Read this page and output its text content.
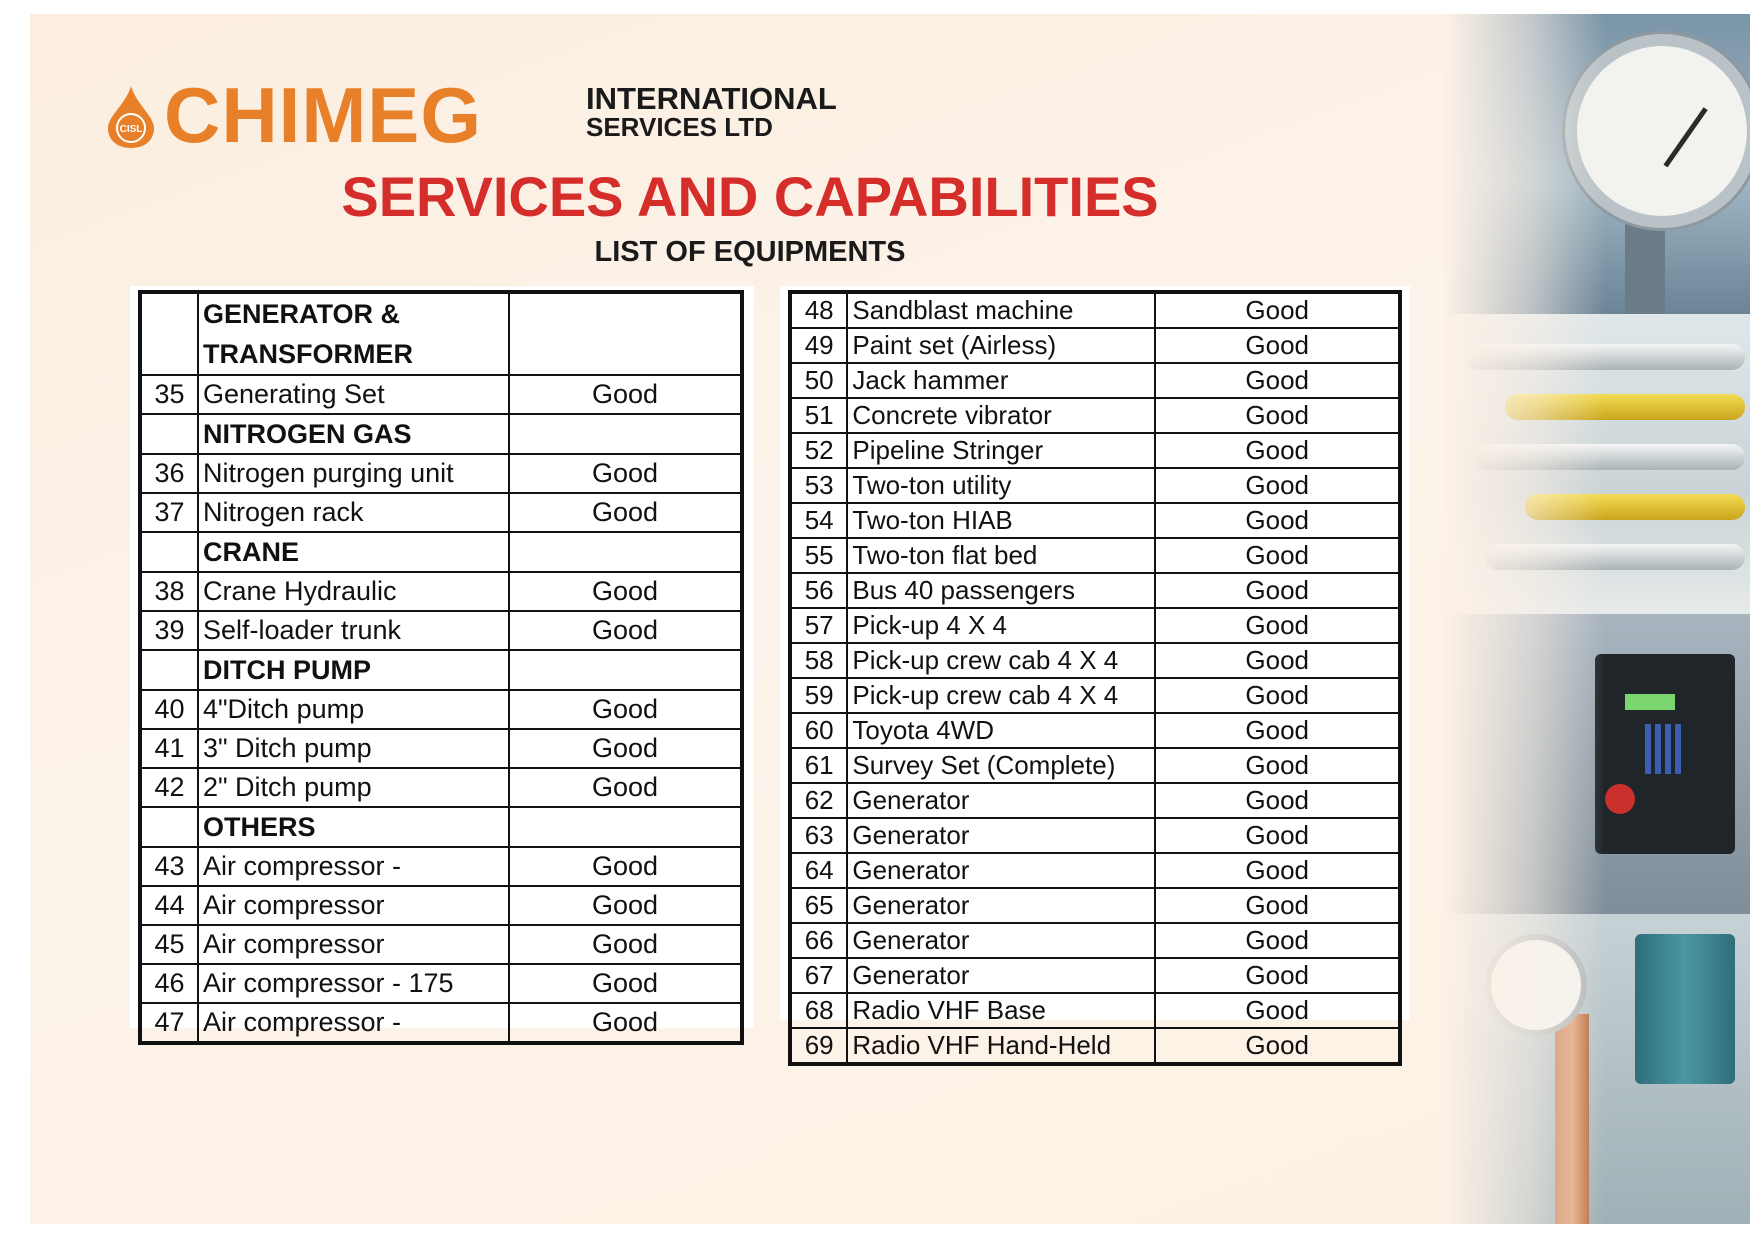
CISL CHIMEG	INTERNATIONAL
SERVICES LTD
SERVICES AND CAPABILITIES
LIST OF EQUIPMENTS
	GENERATOR & TRANSFORMER	
35	Generating Set	Good
	NITROGEN GAS	
36	Nitrogen purging unit	Good
37	Nitrogen rack	Good
	CRANE	
38	Crane Hydraulic	Good
39	Self-loader trunk	Good
	DITCH PUMP	
40	4"Ditch pump	Good
41	3" Ditch pump	Good
42	2" Ditch pump	Good
	OTHERS	
43	Air compressor -	Good
44	Air compressor	Good
45	Air compressor	Good
46	Air compressor - 175	Good
47	Air compressor -	Good
48	Sandblast machine	Good
49	Paint set (Airless)	Good
50	Jack hammer	Good
51	Concrete vibrator	Good
52	Pipeline Stringer	Good
53	Two-ton utility	Good
54	Two-ton HIAB	Good
55	Two-ton flat bed	Good
56	Bus 40 passengers	Good
57	Pick-up 4 X 4	Good
58	Pick-up crew cab 4 X 4	Good
59	Pick-up crew cab 4 X 4	Good
60	Toyota 4WD	Good
61	Survey Set (Complete)	Good
62	Generator	Good
63	Generator	Good
64	Generator	Good
65	Generator	Good
66	Generator	Good
67	Generator	Good
68	Radio VHF Base	Good
69	Radio VHF Hand-Held	Good
